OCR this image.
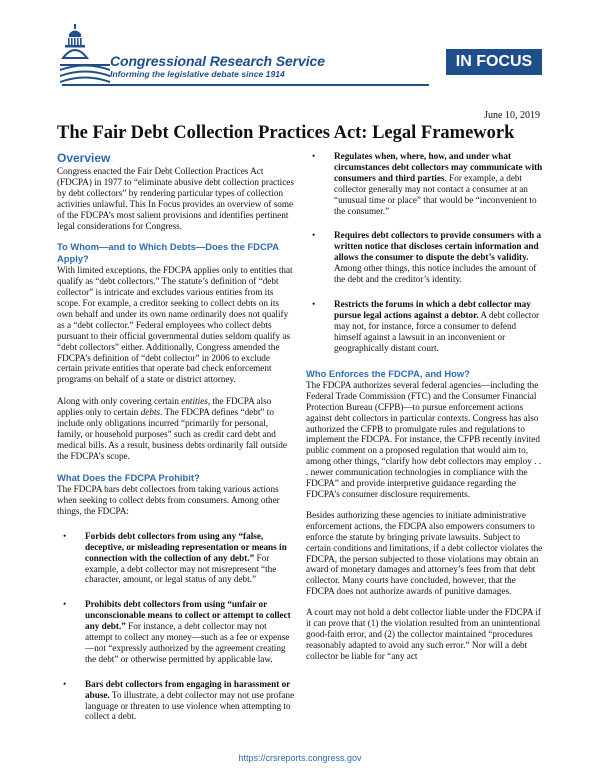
Congressional Research Service
Informing the legislative debate since 1914
IN FOCUS
June 10, 2019
The Fair Debt Collection Practices Act: Legal Framework
Overview

Congress enacted the Fair Debt Collection Practices Act (FDCPA) in 1977 to “eliminate abusive debt collection practices by debt collectors” by rendering particular types of collection activities unlawful. This In Focus provides an overview of some of the FDCPA’s most salient provisions and identifies pertinent legal considerations for Congress.

To Whom—and to Which Debts—Does the FDCPA Apply?

With limited exceptions, the FDCPA applies only to entities that qualify as “debt collectors.” The statute’s definition of “debt collector” is intricate and excludes various entities from its scope. For example, a creditor seeking to collect debts on its own behalf and under its own name ordinarily does not qualify as a “debt collector.” Federal employees who collect debts pursuant to their official governmental duties seldom qualify as “debt collectors” either. Additionally, Congress amended the FDCPA’s definition of “debt collector” in 2006 to exclude certain private entities that operate bad check enforcement programs on behalf of a state or district attorney.

Along with only covering certain entities, the FDCPA also applies only to certain debts. The FDCPA defines “debt” to include only obligations incurred “primarily for personal, family, or household purposes” such as credit card debt and medical bills. As a result, business debts ordinarily fall outside the FDCPA’s scope.

What Does the FDCPA Prohibit?

The FDCPA bars debt collectors from taking various actions when seeking to collect debts from consumers. Among other things, the FDCPA:

• Forbids debt collectors from using any “false, deceptive, or misleading representation or means in connection with the collection of any debt.” For example, a debt collector may not misrepresent “the character, amount, or legal status of any debt.”
• Prohibits debt collectors from using “unfair or unconscionable means to collect or attempt to collect any debt.” For instance, a debt collector may not attempt to collect any money—such as a fee or expense—not “expressly authorized by the agreement creating the debt” or otherwise permitted by applicable law.
• Bars debt collectors from engaging in harassment or abuse. To illustrate, a debt collector may not use profane language or threaten to use violence when attempting to collect a debt.
• Regulates when, where, how, and under what circumstances debt collectors may communicate with consumers and third parties. For example, a debt collector generally may not contact a consumer at an “unusual time or place” that would be “inconvenient to the consumer.”
• Requires debt collectors to provide consumers with a written notice that discloses certain information and allows the consumer to dispute the debt’s validity. Among other things, this notice includes the amount of the debt and the creditor’s identity.
• Restricts the forums in which a debt collector may pursue legal actions against a debtor. A debt collector may not, for instance, force a consumer to defend himself against a lawsuit in an inconvenient or geographically distant court.
Who Enforces the FDCPA, and How?

The FDCPA authorizes several federal agencies—including the Federal Trade Commission (FTC) and the Consumer Financial Protection Bureau (CFPB)—to pursue enforcement actions against debt collectors in particular contexts. Congress has also authorized the CFPB to promulgate rules and regulations to implement the FDCPA. For instance, the CFPB recently invited public comment on a proposed regulation that would aim to, among other things, “clarify how debt collectors may employ . . . newer communication technologies in compliance with the FDCPA” and provide interpretive guidance regarding the FDCPA’s consumer disclosure requirements.

Besides authorizing these agencies to initiate administrative enforcement actions, the FDCPA also empowers consumers to enforce the statute by bringing private lawsuits. Subject to certain conditions and limitations, if a debt collector violates the FDCPA, the person subjected to those violations may obtain an award of monetary damages and attorney’s fees from that debt collector. Many courts have concluded, however, that the FDCPA does not authorize awards of punitive damages.

A court may not hold a debt collector liable under the FDCPA if it can prove that (1) the violation resulted from an unintentional good-faith error, and (2) the collector maintained “procedures reasonably adapted to avoid any such error.” Nor will a debt collector be liable for “any act

https://crsreports.congress.gov
